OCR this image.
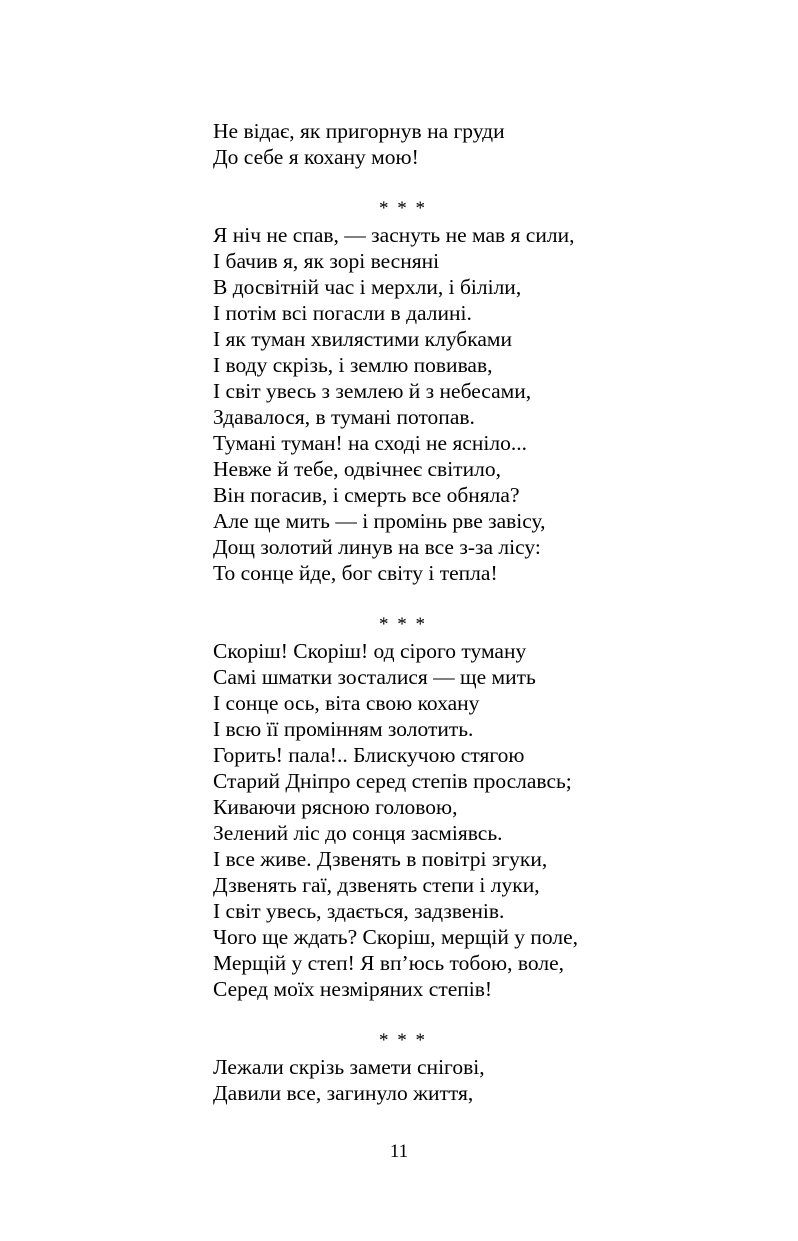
Не відає, як пригорнув на груди
До себе я кохану мою!
* * *
Я ніч не спав, — заснуть не мав я сили,
І бачив я, як зорі весняні
В досвітній час і мерхли, і біліли,
І потім всі погасли в далині.
І як туман хвилястими клубками
І воду скрізь, і землю повивав,
І світ увесь з землею й з небесами,
Здавалося, в тумані потопав.
Тумані туман! на сході не ясніло...
Невже й тебе, одвічнеє світило,
Він погасив, і смерть все обняла?
Але ще мить — і промінь рве завісу,
Дощ золотий линув на все з-за лісу:
То сонце йде, бог світу і тепла!
* * *
Скоріш! Скоріш! од сірого туману
Самі шматки зосталися — ще мить
І сонце ось, віта свою кохану
І всю її промінням золотить.
Горить! пала!.. Блискучою стягою
Старий Дніпро серед степів прославсь;
Киваючи рясною головою,
Зелений ліс до сонця засміявсь.
І все живе. Дзвенять в повітрі згуки,
Дзвенять гаї, дзвенять степи і луки,
І світ увесь, здається, задзвенів.
Чого ще ждать? Скоріш, мерщій у поле,
Мерщій у степ! Я вп’юсь тобою, воле,
Серед моїх незміряних степів!
* * *
Лежали скрізь замети снігові,
Давили все, загинуло життя,
11
